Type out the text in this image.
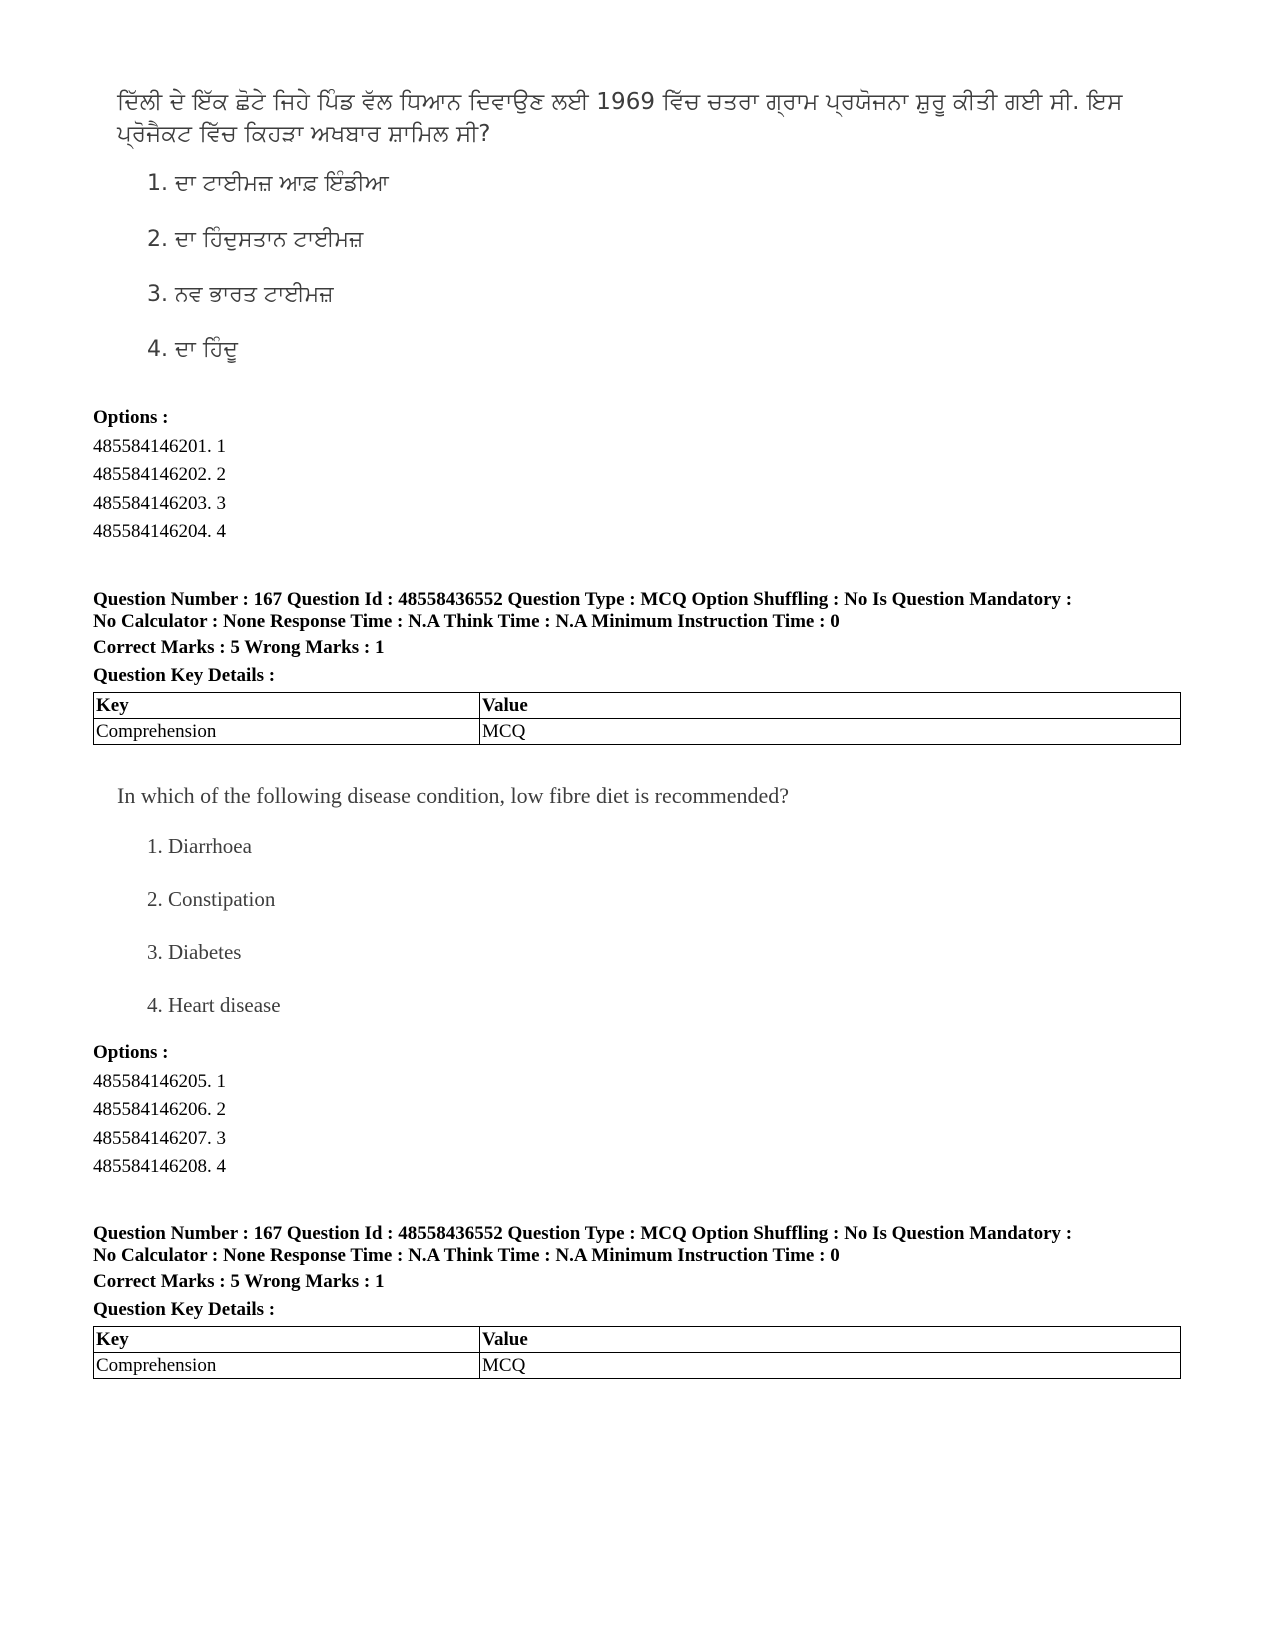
ਦਿੱਲੀ ਦੇ ਇੱਕ ਛੋਟੇ ਜਿਹੇ ਪਿੰਡ ਵੱਲ ਧਿਆਨ ਦਿਵਾਉਣ ਲਈ 1969 ਵਿੱਚ ਚਤਰਾ ਗ੍ਰਾਮ ਪ੍ਰਯੋਜਨਾ ਸ਼ੁਰੂ ਕੀਤੀ ਗਈ ਸੀ. ਇਸ ਪ੍ਰੋਜੈਕਟ ਵਿੱਚ ਕਿਹੜਾ ਅਖਬਾਰ ਸ਼ਾਮਿਲ ਸੀ?
1. ਦਾ ਟਾਈਮਜ਼ ਆਫ਼ ਇੰਡੀਆ
2. ਦਾ ਹਿੰਦੁਸਤਾਨ ਟਾਈਮਜ਼
3. ਨਵ ਭਾਰਤ ਟਾਈਮਜ਼
4. ਦਾ ਹਿੰਦੂ
Options :
485584146201. 1
485584146202. 2
485584146203. 3
485584146204. 4
Question Number : 167 Question Id : 48558436552 Question Type : MCQ Option Shuffling : No Is Question Mandatory :
No Calculator : None Response Time : N.A Think Time : N.A Minimum Instruction Time : 0
Correct Marks : 5 Wrong Marks : 1
Question Key Details :
Key	Value
Comprehension	MCQ
In which of the following disease condition, low fibre diet is recommended?
1. Diarrhoea
2. Constipation
3. Diabetes
4. Heart disease
Options :
485584146205. 1
485584146206. 2
485584146207. 3
485584146208. 4
Question Number : 167 Question Id : 48558436552 Question Type : MCQ Option Shuffling : No Is Question Mandatory :
No Calculator : None Response Time : N.A Think Time : N.A Minimum Instruction Time : 0
Correct Marks : 5 Wrong Marks : 1
Question Key Details :
Key	Value
Comprehension	MCQ
